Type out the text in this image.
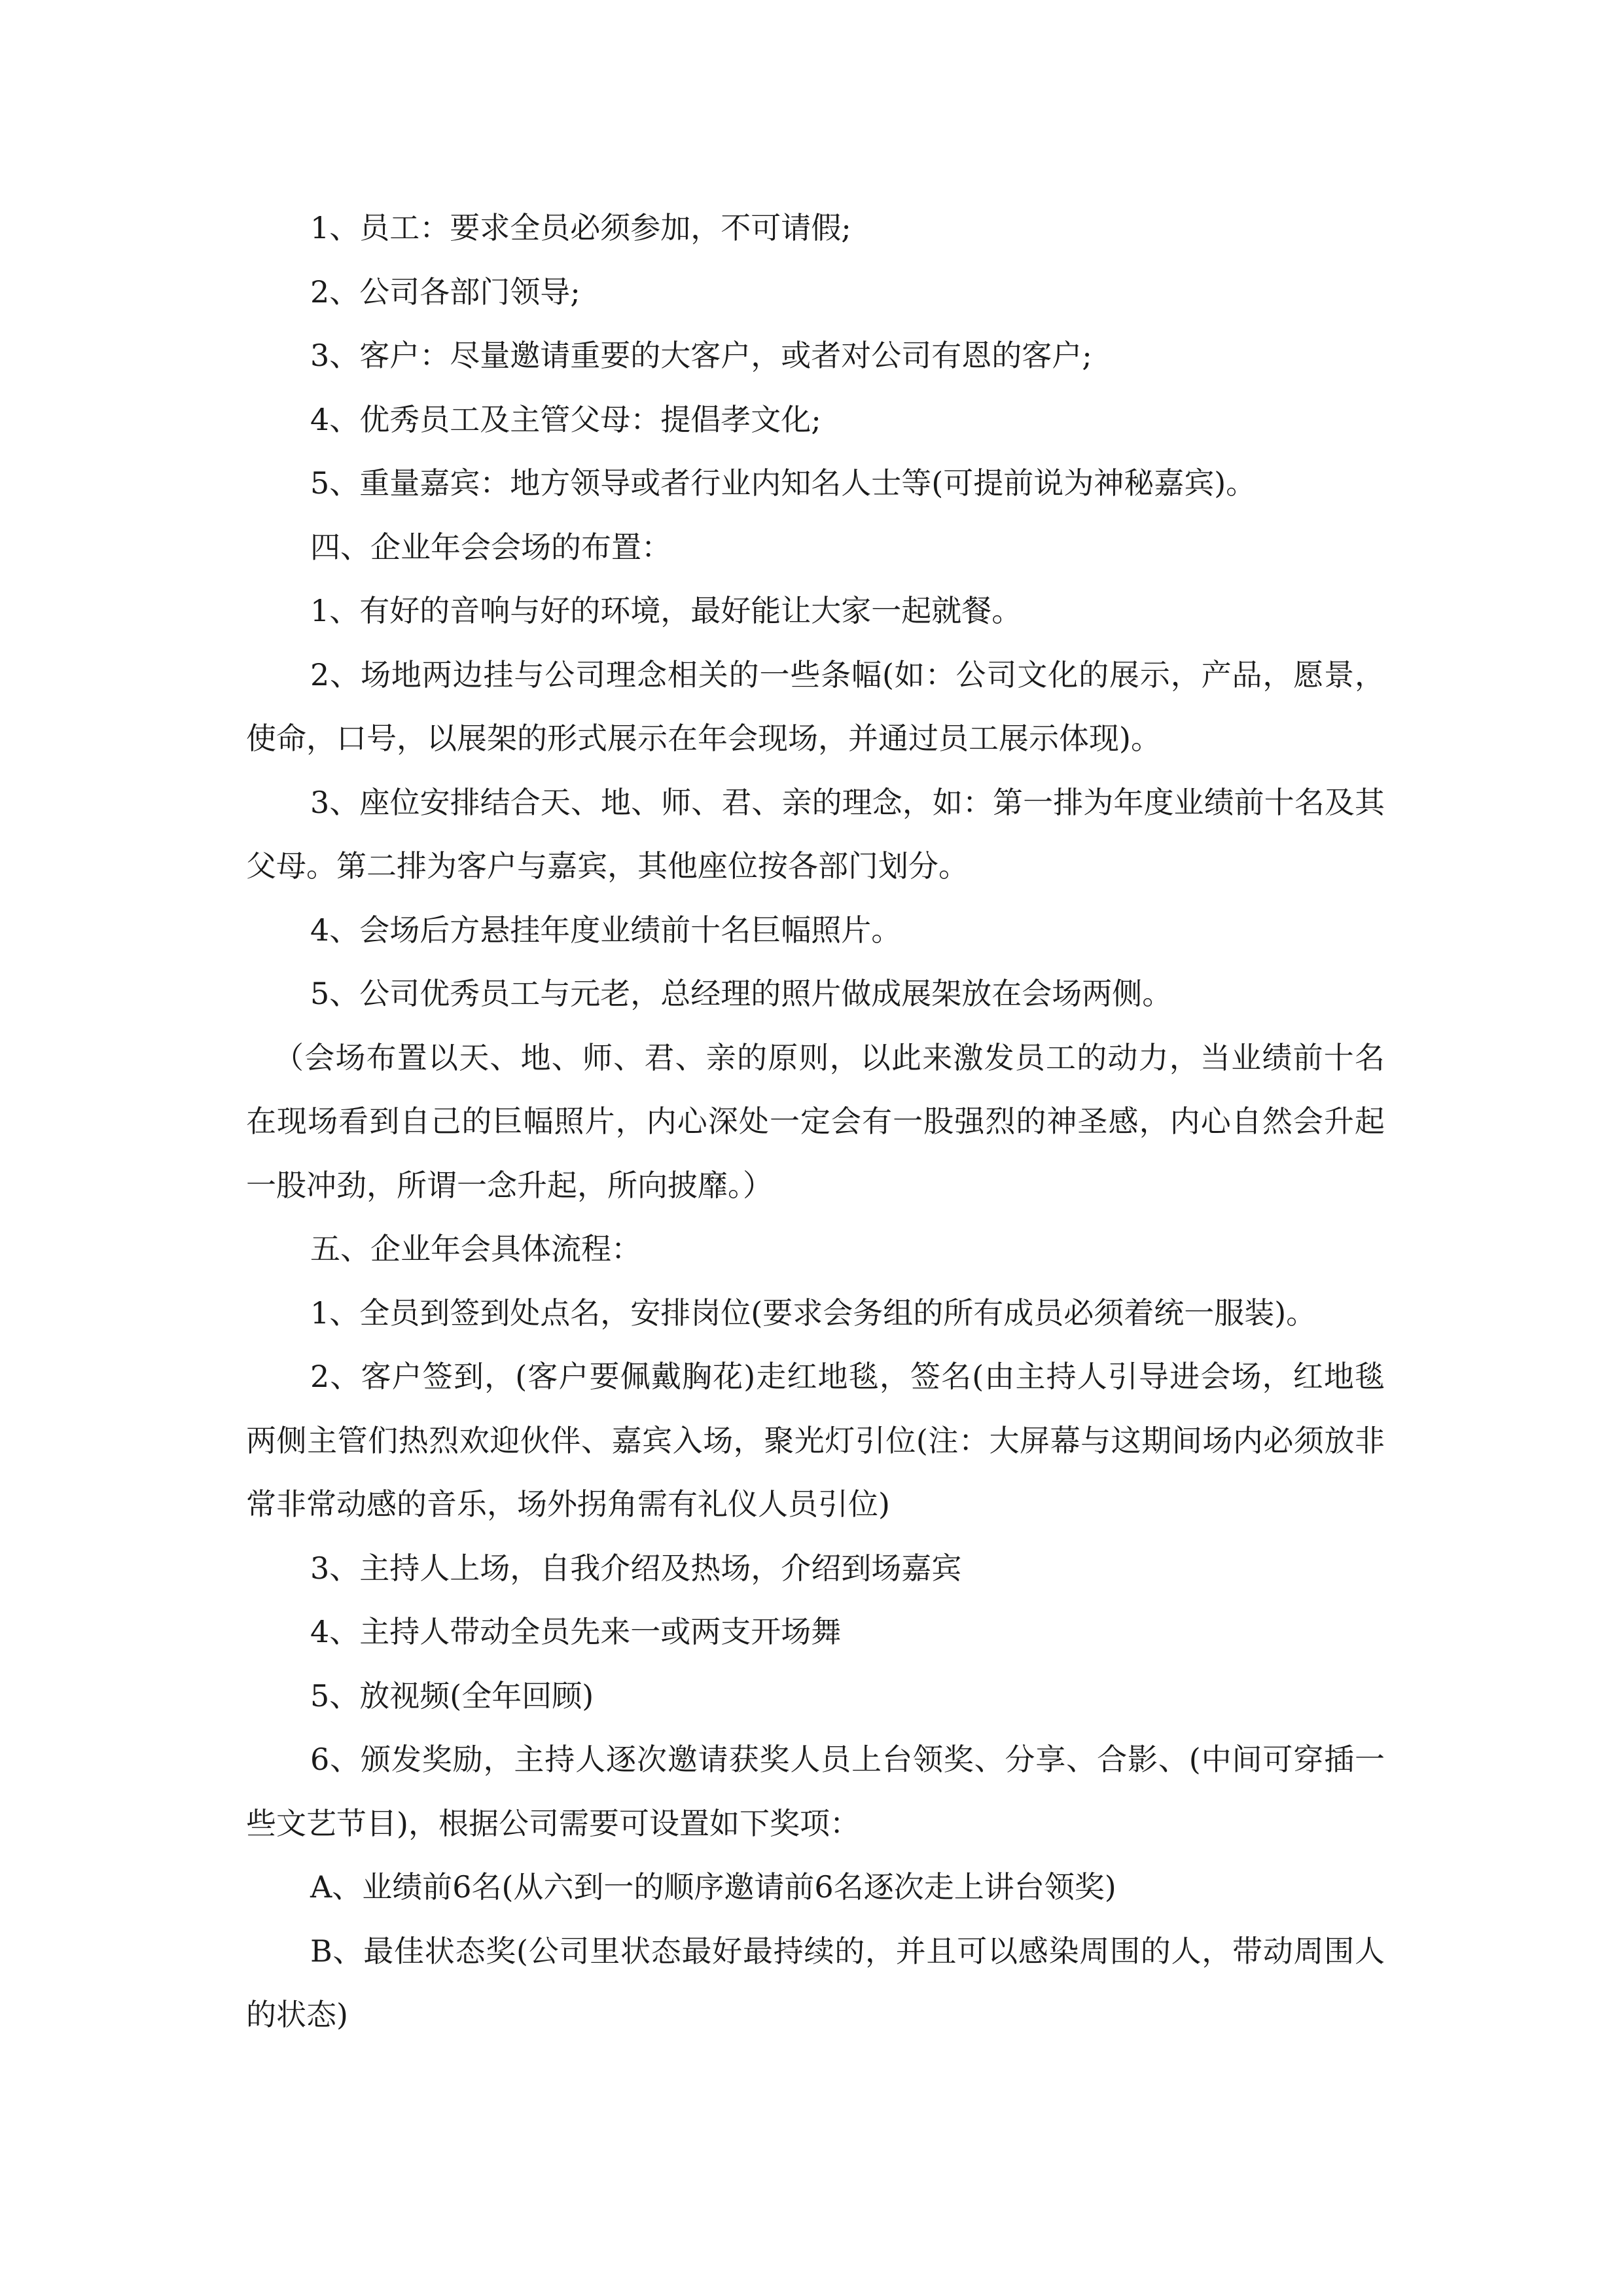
1、员工：要求全员必须参加，不可请假;

2、公司各部门领导;

3、客户：尽量邀请重要的大客户，或者对公司有恩的客户;

4、优秀员工及主管父母：提倡孝文化;

5、重量嘉宾：地方领导或者行业内知名人士等(可提前说为神秘嘉宾)。

四、企业年会会场的布置：

1、有好的音响与好的环境，最好能让大家一起就餐。

2、场地两边挂与公司理念相关的一些条幅(如：公司文化的展示，产品，愿景，使命，口号，以展架的形式展示在年会现场，并通过员工展示体现)。

3、座位安排结合天、地、师、君、亲的理念，如：第一排为年度业绩前十名及其父母。第二排为客户与嘉宾，其他座位按各部门划分。

4、会场后方悬挂年度业绩前十名巨幅照片。

5、公司优秀员工与元老，总经理的照片做成展架放在会场两侧。

（会场布置以天、地、师、君、亲的原则，以此来激发员工的动力，当业绩前十名在现场看到自己的巨幅照片，内心深处一定会有一股强烈的神圣感，内心自然会升起一股冲劲，所谓一念升起，所向披靡。）

五、企业年会具体流程：

1、全员到签到处点名，安排岗位(要求会务组的所有成员必须着统一服装)。

2、客户签到，(客户要佩戴胸花)走红地毯，签名(由主持人引导进会场，红地毯两侧主管们热烈欢迎伙伴、嘉宾入场，聚光灯引位(注：大屏幕与这期间场内必须放非常非常动感的音乐，场外拐角需有礼仪人员引位)

3、主持人上场，自我介绍及热场，介绍到场嘉宾

4、主持人带动全员先来一或两支开场舞

5、放视频(全年回顾)

6、颁发奖励，主持人逐次邀请获奖人员上台领奖、分享、合影、(中间可穿插一些文艺节目)，根据公司需要可设置如下奖项：

A、业绩前6名(从六到一的顺序邀请前6名逐次走上讲台领奖)

B、最佳状态奖(公司里状态最好最持续的，并且可以感染周围的人，带动周围人的状态)
